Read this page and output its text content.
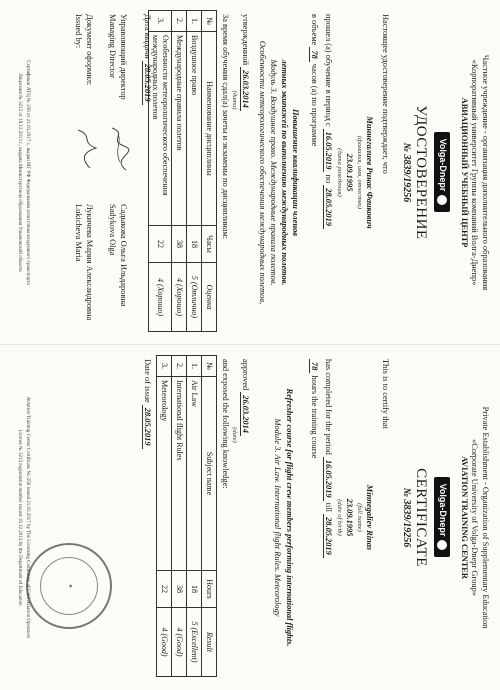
Частное учреждение - организация дополнительного образования
«Корпоративный университет Группы компаний Волга-Днепр»
АВИАЦИОННЫЙ УЧЕБНЫЙ ЦЕНТР
Volga-Dnepr
УДОСТОВЕРЕНИЕ
№ 3839/19256
Настоящее удостоверение подтверждает, что
Миннегалиев Ринас Фаикович
(фамилия, имя, отчество)
23.09.1995
(дата рождения)
прошел (а) обучение в период с 16.05.2019 по 28.05.2019
в объеме 78 часов (а) по программе
Повышение квалификации членов
летных экипажей по выполнению международных полетов.
Модуль 3. Воздушное право. Международные правила полетов.
Особенности метеорологического обеспечения международных полетов,
утвержденной 26.03.2014
(дата)
За время обучения сдал(а) зачеты и экзамены по дисциплинам:
№	Наименование дисциплины	Часы	Оценка
1.	Воздушное право	18	5 (Отлично)
2.	Международные правила полетов	38	4 (Хорошо)
3.	Особенности метеорологического обеспечения международных полетов	22	4 (Хорошо)
Дата выдачи 28.05.2019
Управляющий директор
Managing Director
Садыкова Ольга Ильдаровна
Sadykova Olga
Документ оформил:
Issued by:
Лукичева Мария Александровна
Lukicheva Maria
Сертификат АТЦ № 256 от 21.03.2017 г., выдан МГ РФ Федеральным агентством воздушного транспорта
Лицензия № 3212 от 19.12.2013 г., выдана Министерством образования Ульяновской области
Private Establishment - Organization of Supplementary Education
«Corporate University of Volga-Dnepr Group»
AVIATION TRAINING CENTER
Volga-Dnepr
CERTIFICATE
№ 3839/19256
This is to certify that
Minnegaliev Rinas
(full name)
23.09.1995
(date of birth)
has completed for the period 16.05.2019 till 28.05.2019
78 hours the training course
Refresher course for flight crew members performing international flights.
Module 3. Air Law. International flight Rules. Meteorology
approved 26.03.2014
(date)
and exposed the following knowledge:
№	Subject name	Hours	Result
1.	Air Law	18	5 (Excellent)
2.	International flight Rules	38	4 (Good)
3.	Meteorology	22	4 (Good)
Date of issue 28.05.2019
★
Aviation Training Center Certificate No 256 issued 21.03.2017 by The Licensing Committee of Civil Aviation Operators
License № 3212 registration number issued 19.12.2013 by the Department of Education
